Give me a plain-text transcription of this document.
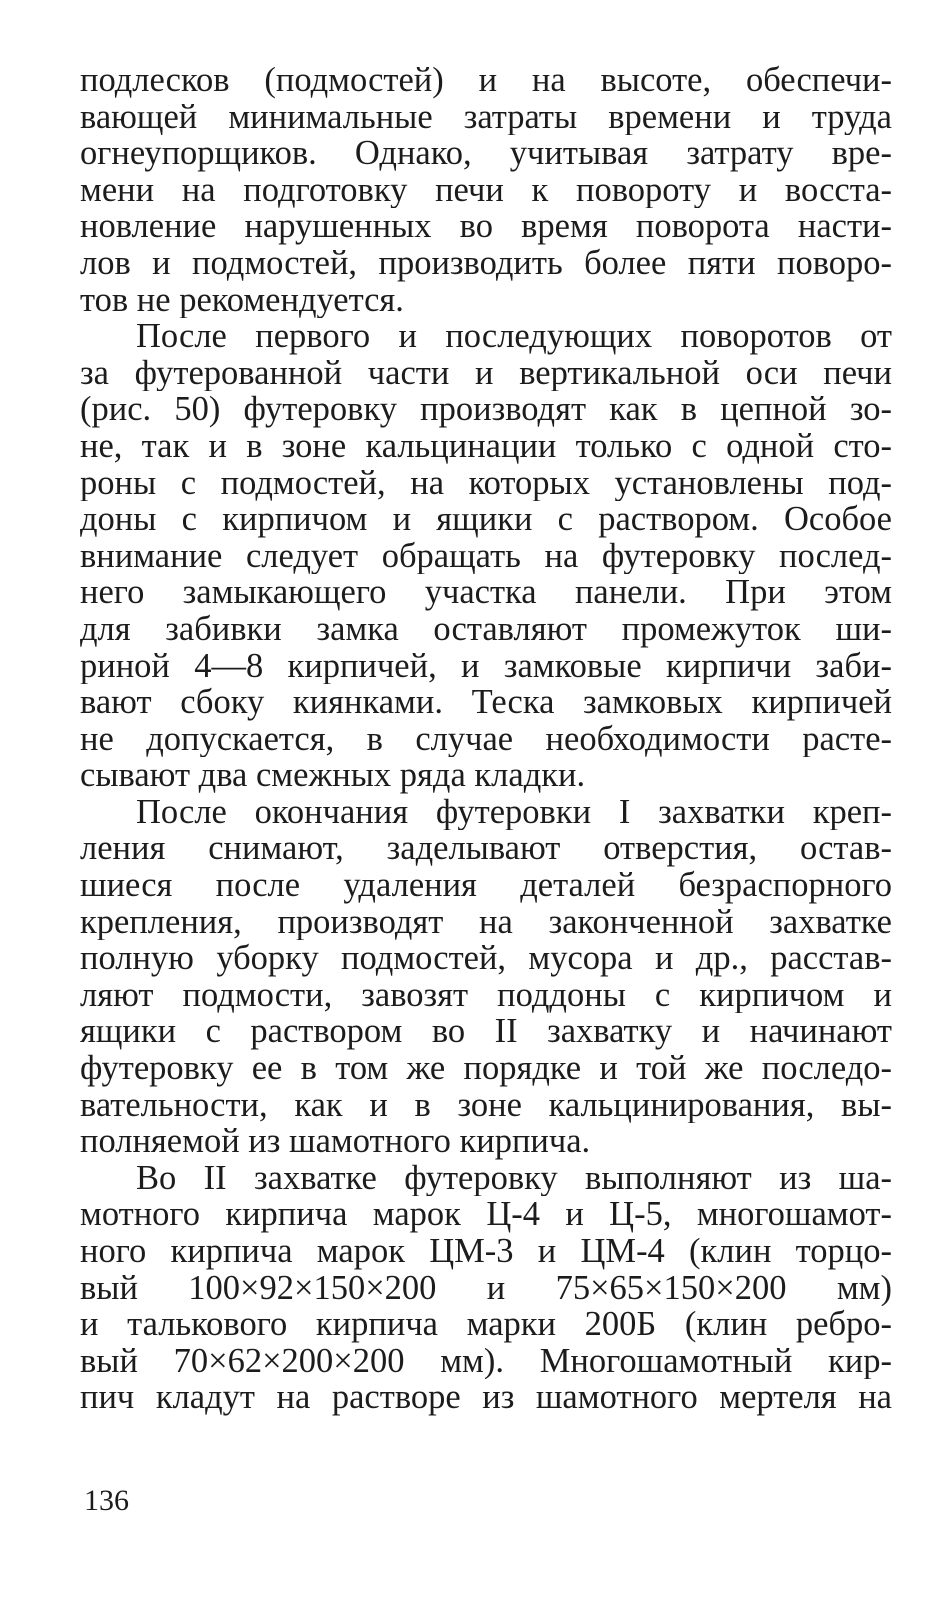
подлесков (подмостей) и на высоте, обеспечи-
вающей минимальные затраты времени и труда
огнеупорщиков. Однако, учитывая затрату вре-
мени на подготовку печи к повороту и восста-
новление нарушенных во время поворота насти-
лов и подмостей, производить более пяти поворо-
тов не рекомендуется.
После первого и последующих поворотов от
за футерованной части и вертикальной оси печи
(рис. 50) футеровку производят как в цепной зо-
не, так и в зоне кальцинации только с одной сто-
роны с подмостей, на которых установлены под-
доны с кирпичом и ящики с раствором. Особое
внимание следует обращать на футеровку послед-
него замыкающего участка панели. При этом
для забивки замка оставляют промежуток ши-
риной 4—8 кирпичей, и замковые кирпичи заби-
вают сбоку киянками. Теска замковых кирпичей
не допускается, в случае необходимости растe-
сывают два смежных ряда кладки.
После окончания футеровки I захватки креп-
ления снимают, заделывают отверстия, остав-
шиеся после удаления деталей безраспорного
крепления, производят на законченной захватке
полную уборку подмостей, мусора и др., расстав-
ляют подмости, завозят поддоны с кирпичом и
ящики с раствором во II захватку и начинают
футеровку ее в том же порядке и той же последо-
вательности, как и в зоне кальцинирования, вы-
полняемой из шамотного кирпича.
Во II захватке футеровку выполняют из ша-
мотного кирпича марок Ц-4 и Ц-5, многошамот-
ного кирпича марок ЦМ-3 и ЦМ-4 (клин торцо-
вый 100×92×150×200 и 75×65×150×200 мм)
и талькового кирпича марки 200Б (клин ребро-
вый 70×62×200×200 мм). Многошамотный кир-
пич кладут на растворе из шамотного мертеля на
136
